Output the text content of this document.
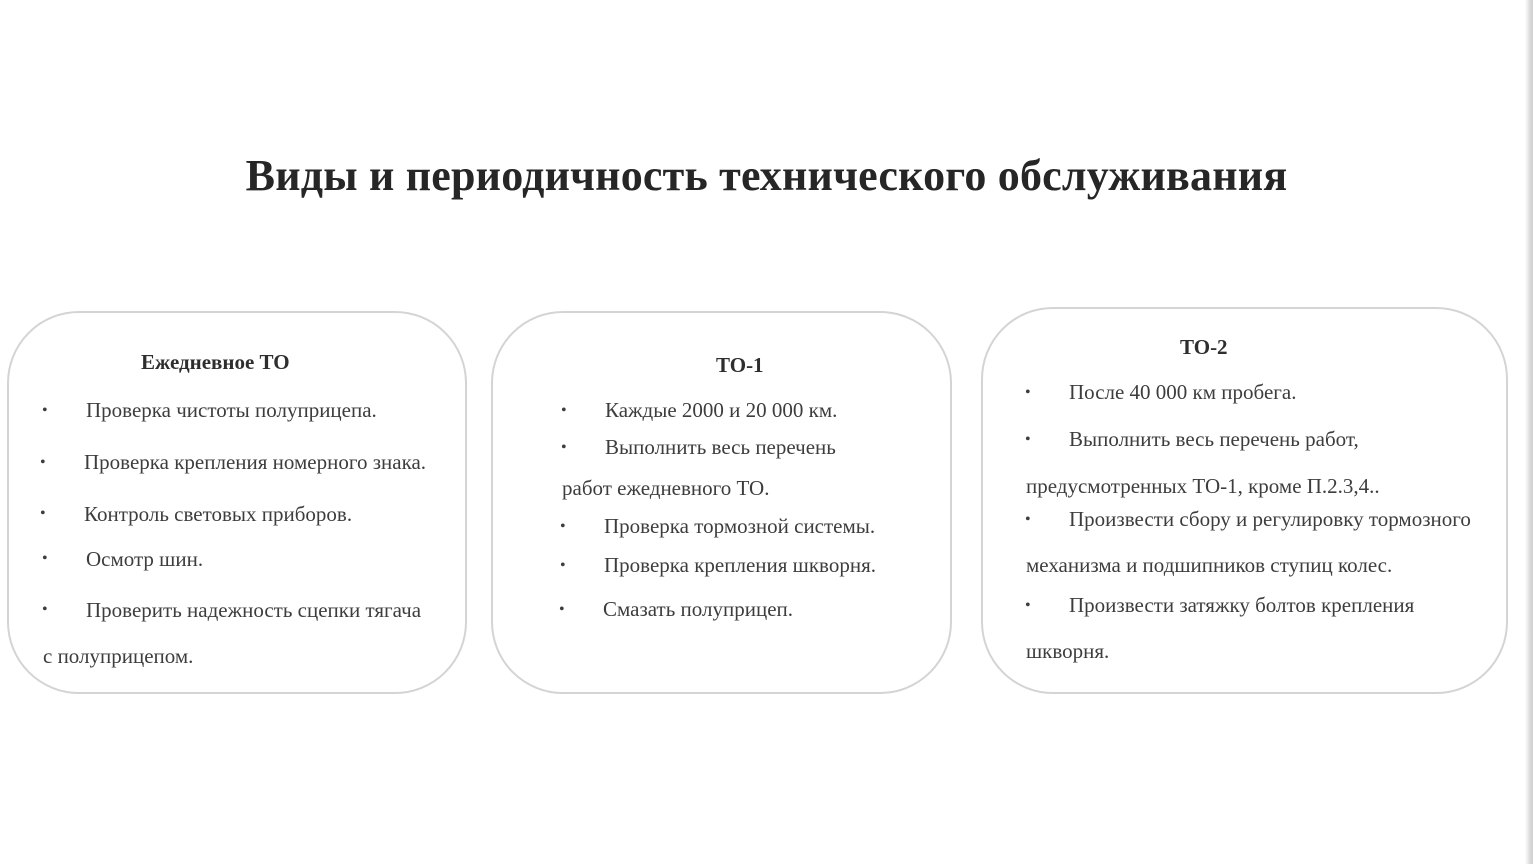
Виды и периодичность технического обслуживания
Ежедневное ТО
• Проверка чистоты полуприцепа.
• Проверка крепления номерного знака.
• Контроль световых приборов.
• Осмотр шин.
• Проверить надежность сцепки тягача
с полуприцепом.
ТО-1
• Каждые 2000 и 20 000 км.
• Выполнить весь перечень
работ ежедневного ТО.
• Проверка тормозной системы.
• Проверка крепления шкворня.
• Смазать полуприцеп.
ТО-2
• После 40 000 км пробега.
• Выполнить весь перечень работ,
предусмотренных ТО-1, кроме П.2.3,4..
• Произвести сбору и регулировку тормозного
механизма и подшипников ступиц колес.
• Произвести затяжку болтов крепления
шкворня.
